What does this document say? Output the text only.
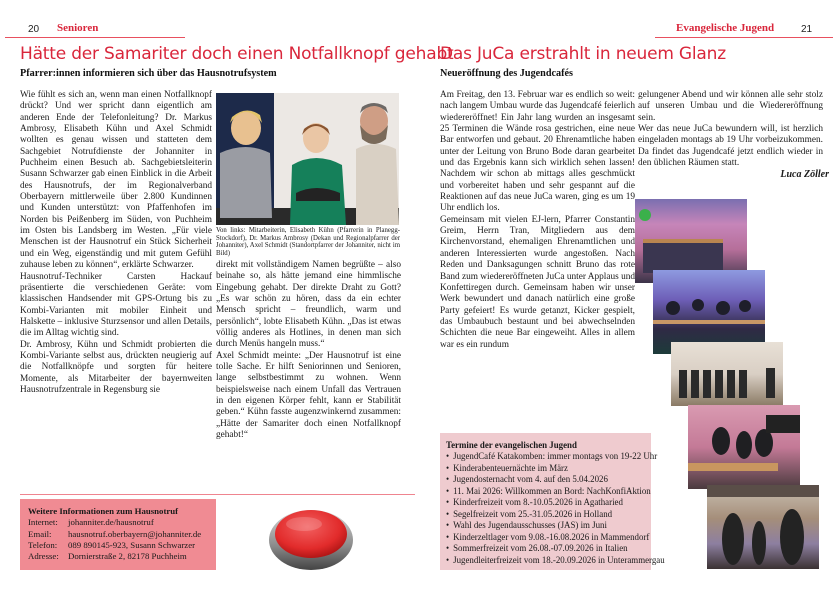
20 Senioren
Hätte der Samariter doch einen Notfallknopf gehabt
Pfarrer:innen informieren sich über das Hausnotrufsystem

Wie fühlt es sich an, wenn man einen Notfallknopf drückt? Und wer spricht dann eigentlich am anderen Ende der Telefonleitung? Dr. Markus Ambrosy, Elisabeth Kühn und Axel Schmidt wollten es genau wissen und statteten dem Sachgebiet Notrufdienste der Johanniter in Puchheim einen Besuch ab. Sachgebietsleiterin Susann Schwarzer gab einen Einblick in die Arbeit des Hausnotrufs, der im Regionalverband Oberbayern mittlerweile über 2.800 Kundinnen und Kunden unterstützt: von Pfaffenhofen im Norden bis Peißenberg im Süden, von Puchheim im Osten bis Landsberg im Westen. „Für viele Menschen ist der Hausnotruf ein Stück Sicherheit und ein Weg, eigenständig und mit gutem Gefühl zuhause leben zu können“, erklärte Schwarzer.

Hausnotruf-Techniker Carsten Hackauf präsentierte die verschiedenen Geräte: vom klassischen Handsender mit GPS-Ortung bis zu Kombi-Varianten mit mobiler Einheit und Halskette – inklusive Sturzsensor und allen Details, die im Alltag wichtig sind.

Dr. Ambrosy, Kühn und Schmidt probierten die Kombi-Variante selbst aus, drückten neugierig auf die Notfallknöpfe und sorgten für heitere Momente, als Mitarbeiter der bayernweiten Hausnotrufzentrale in Regensburg sie

Von links: Mitarbeiterin, Elisabeth Kühn (Pfarrerin in Planegg-Stockdorf), Dr. Markus Ambrosy (Dekan und Regionalpfarrer der Johanniter), Axel Schmidt (Standortpfarrer der Johanniter, nicht im Bild)

direkt mit vollständigem Namen begrüßte – also beinahe so, als hätte jemand eine himmlische Eingebung gehabt. Der direkte Draht zu Gott? „Es war schön zu hören, dass da ein echter Mensch spricht – freundlich, warm und persönlich“, lobte Elisabeth Kühn. „Das ist etwas völlig anderes als Hotlines, in denen man sich durch Menüs hangeln muss.“

Axel Schmidt meinte: „Der Hausnotruf ist eine tolle Sache. Er hilft Seniorinnen und Senioren, lange selbstbestimmt zu wohnen. Wenn beispielsweise nach einem Unfall das Vertrauen in den eigenen Körper fehlt, kann er Stabilität geben.“ Kühn fasste augenzwinkernd zusammen: „Hätte der Samariter doch einen Notfallknopf gehabt!“

Weitere Informationen zum Hausnotruf
Internet:	johanniter.de/hausnotruf
Email:	hausnotruf.oberbayern@johanniter.de
Telefon:	089 890145-923, Susann Schwarzer
Adresse:	Dornierstraße 2, 82178 Puchheim
Evangelische Jugend	21
Das JuCa erstrahlt in neuem Glanz
Neueröffnung des Jugendcafés

Am Freitag, den 13. Februar war es endlich so weit: nach langem Umbau wurde das Jugendcafé feierlich wiedereröffnet! Ein Jahr lang wurden an insgesamt 25 Terminen die Wände rosa gestrichen, eine neue Bar entworfen und gebaut. 20 Ehrenamtliche haben unter der Leitung von Bruno Bode daran gearbeitet und das Ergebnis kann sich wirklich sehen lassen! Nachdem wir schon ab mittags alles geschmückt und vorbereitet haben und sehr gespannt auf die Reaktionen auf das neue JuCa waren, ging es um 19 Uhr endlich los.

Gemeinsam mit vielen EJ-lern, Pfarrer Constantin Greim, Herrn Tran, Mitgliedern aus dem Kirchenvorstand, ehemaligen Ehrenamtlichen und anderen Interessierten wurde angestoßen. Nach Reden und Danksagungen schnitt Bruno das rote Band zum wiedereröffneten JuCa unter Applaus und Konfettiregen durch. Gemeinsam haben wir unser Werk bewundert und danach natürlich eine große Party gefeiert! Es wurde getanzt, Kicker gespielt, das Umbaubuch bestaunt und bei abwechselnden Schichten die neue Bar eingeweiht. Alles in allem war es ein rundum

gelungener Abend und wir können alle sehr stolz auf unseren Umbau und die Wiedereröffnung sein.

Wer das neue JuCa bewundern will, ist herzlich eingeladen montags ab 19 Uhr vorbeizukommen. Da findet das Jugendcafé jetzt endlich wieder in den üblichen Räumen statt.

Luca Zöller

Termine der evangelischen Jugend
• JugendCafé Katakomben: immer montags von 19-22 Uhr
• Kinderabenteuernächte im März
• Jugendosternacht vom 4. auf den 5.04.2026
• 11. Mai 2026: Willkommen an Bord: NachKonfiAktion
• Kinderfreizeit vom 8.-10.05.2026 in Agatharied
• Segelfreizeit vom 25.-31.05.2026 in Holland
• Wahl des Jugendausschusses (JAS) im Juni
• Kinderzeltlager vom 9.08.-16.08.2026 in Mammendorf
• Sommerfreizeit vom 26.08.-07.09.2026 in Italien
• Jugendleiterfreizeit vom 18.-20.09.2026 in Unterammergau
